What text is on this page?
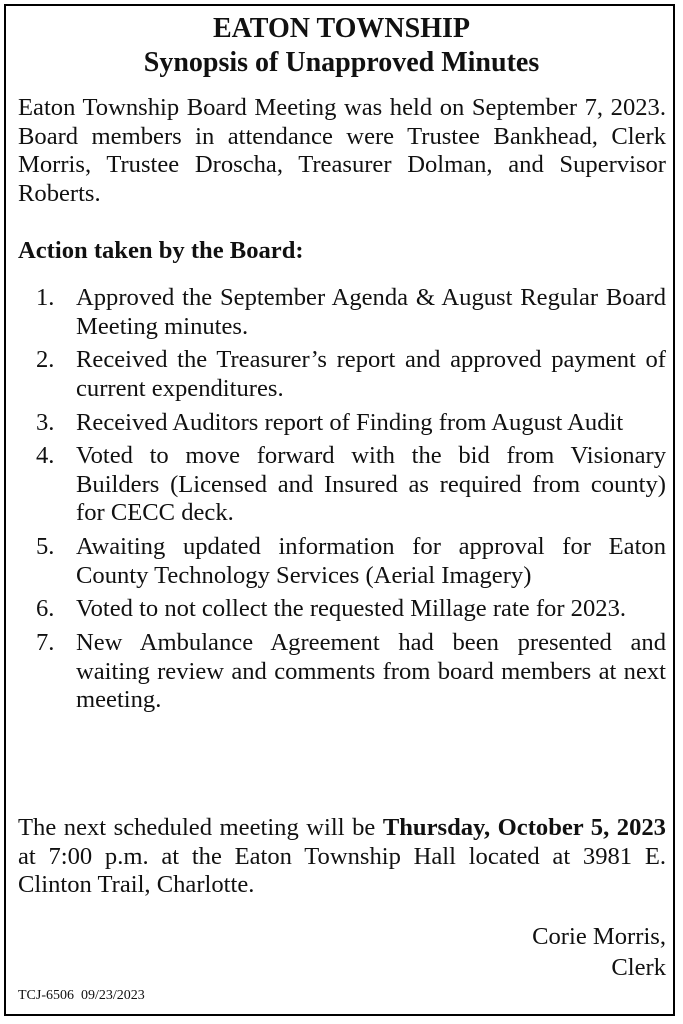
EATON TOWNSHIP
Synopsis of Unapproved Minutes

Eaton Township Board Meeting was held on September 7, 2023. Board members in attendance were Trustee Bankhead, Clerk Morris, Trustee Droscha, Treasurer Dolman, and Supervisor Roberts.

Action taken by the Board:
1. Approved the September Agenda & August Regular Board Meeting minutes.
2. Received the Treasurer’s report and approved payment of current expenditures.
3. Received Auditors report of Finding from August Audit
4. Voted to move forward with the bid from Visionary Builders (Licensed and Insured as required from county) for CECC deck.
5. Awaiting updated information for approval for Eaton County Technology Services (Aerial Imagery)
6. Voted to not collect the requested Millage rate for 2023.
7. New Ambulance Agreement had been presented and waiting review and comments from board members at next meeting.

The next scheduled meeting will be Thursday, October 5, 2023 at 7:00 p.m. at the Eaton Township Hall located at 3981 E. Clinton Trail, Charlotte.

Corie Morris,
Clerk
TCJ-6506 09/23/2023
